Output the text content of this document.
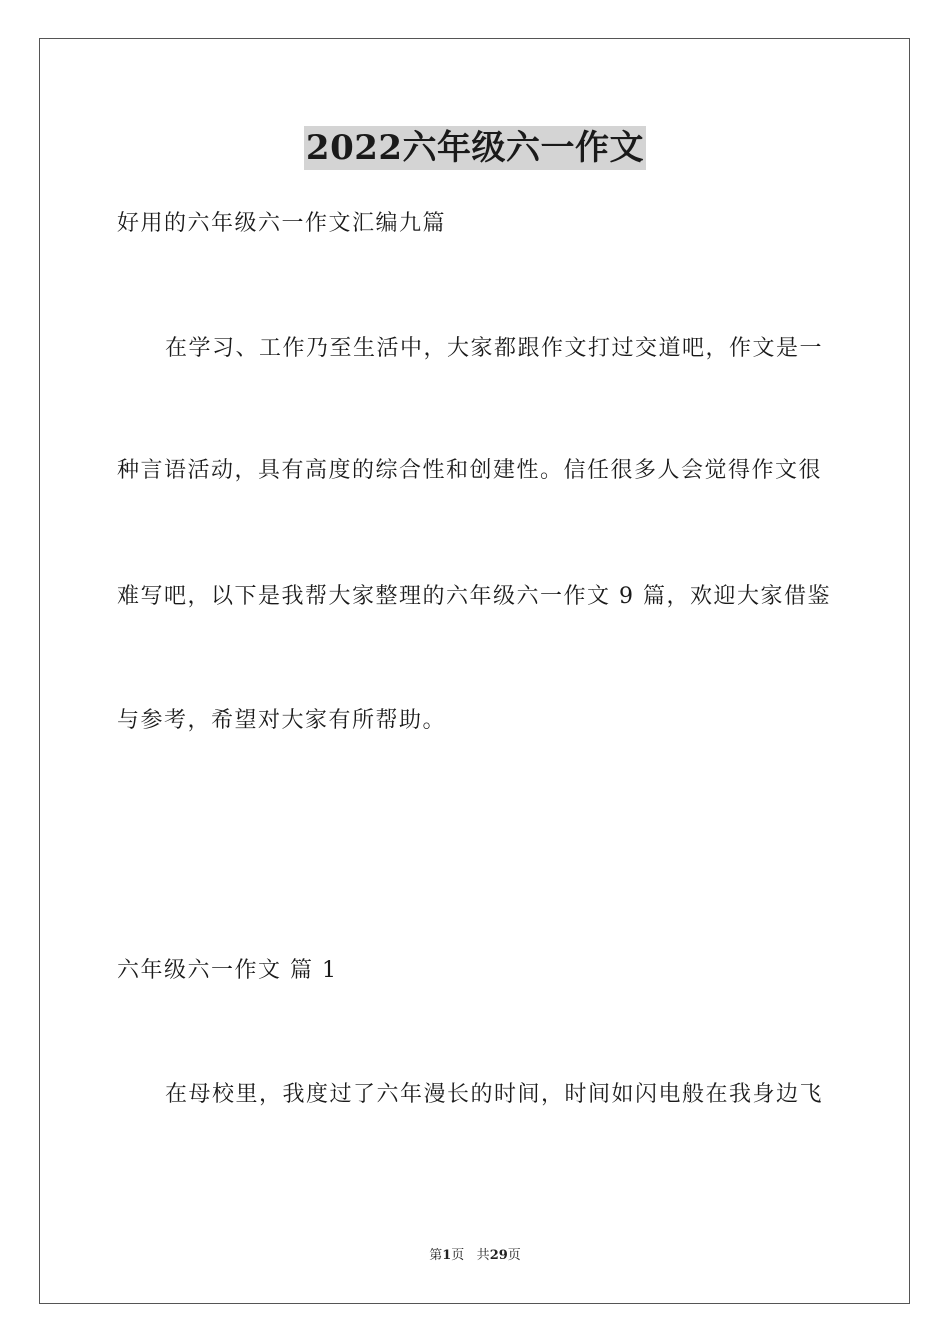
2022六年级六一作文
好用的六年级六一作文汇编九篇
在学习、工作乃至生活中，大家都跟作文打过交道吧，作文是一
种言语活动，具有高度的综合性和创建性。信任很多人会觉得作文很
难写吧，以下是我帮大家整理的六年级六一作文 9 篇，欢迎大家借鉴
与参考，希望对大家有所帮助。
六年级六一作文 篇 1
在母校里，我度过了六年漫长的时间，时间如闪电般在我身边飞
第1页 共29页
